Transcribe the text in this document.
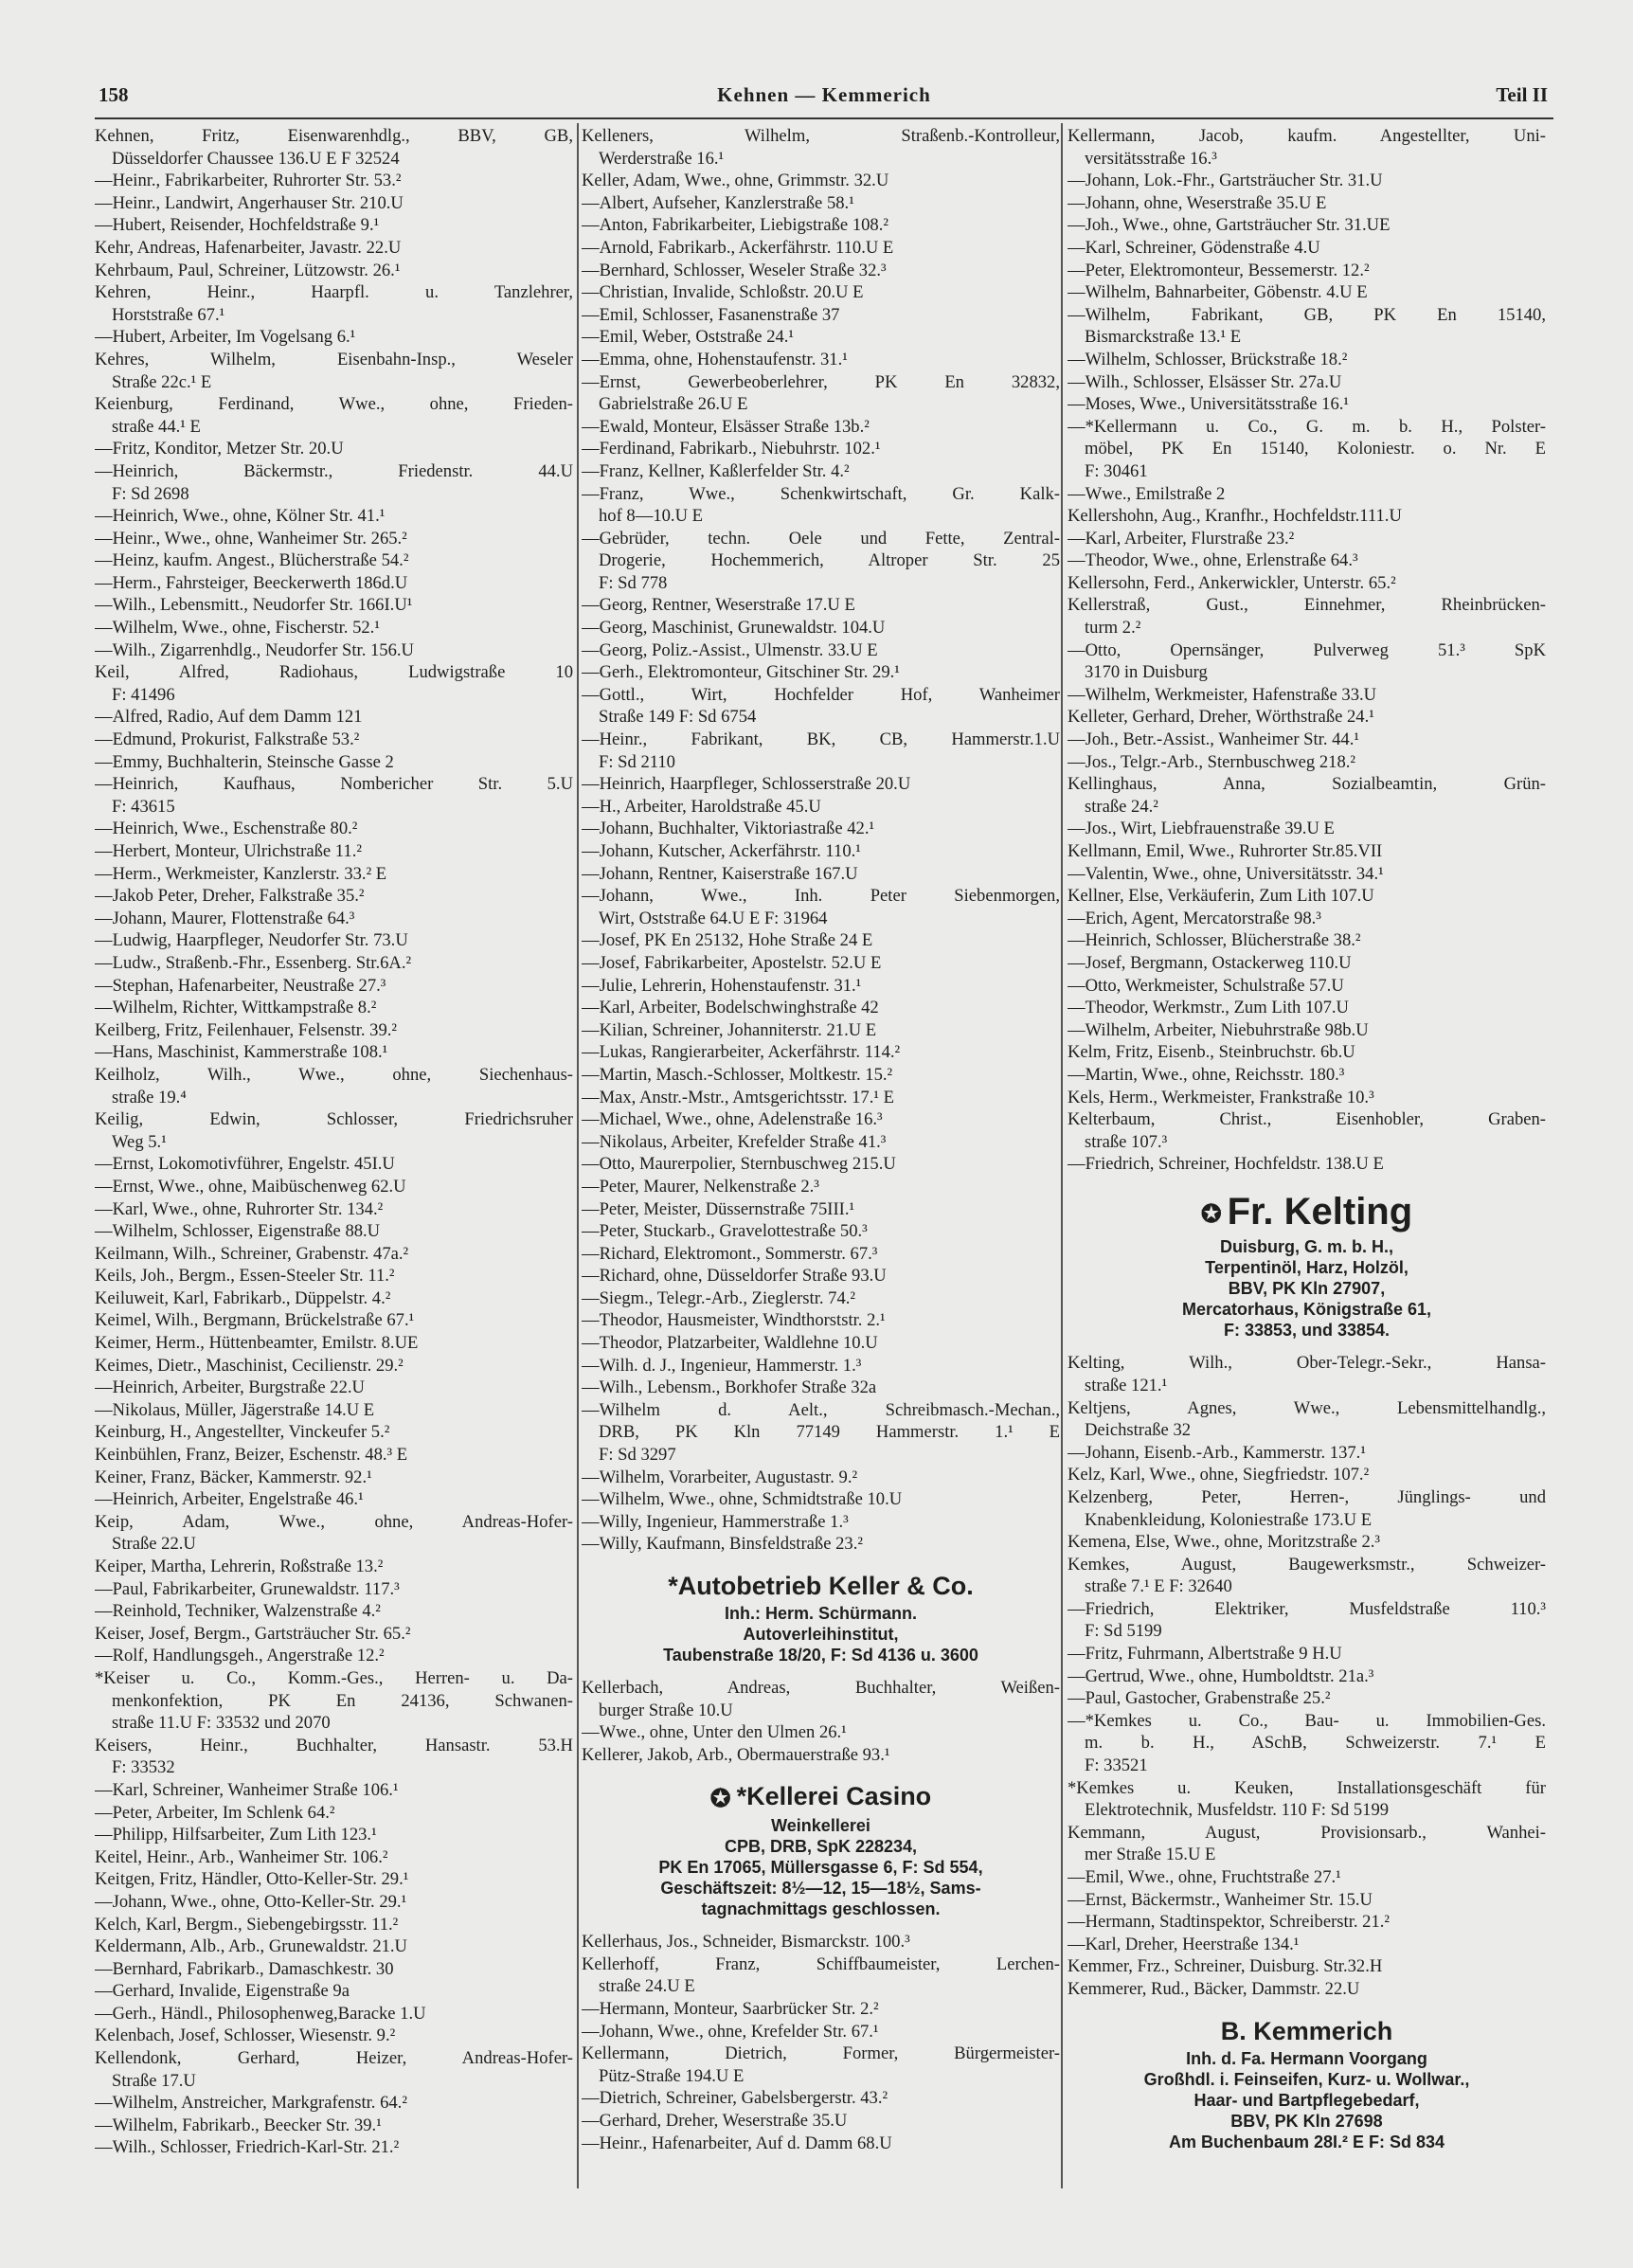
158	Kehnen — Kemmerich	Teil II
Kehnen, Fritz, Eisenwarenhdlg., BBV, GB,
Düsseldorfer Chaussee 136.U E F 32524
—Heinr., Fabrikarbeiter, Ruhrorter Str. 53.²
—Heinr., Landwirt, Angerhauser Str. 210.U
—Hubert, Reisender, Hochfeldstraße 9.¹
Kehr, Andreas, Hafenarbeiter, Javastr. 22.U
Kehrbaum, Paul, Schreiner, Lützowstr. 26.¹
Kehren, Heinr., Haarpfl. u. Tanzlehrer,
Horststraße 67.¹
—Hubert, Arbeiter, Im Vogelsang 6.¹
Kehres, Wilhelm, Eisenbahn-Insp., Weseler
Straße 22c.¹ E
Keienburg, Ferdinand, Wwe., ohne, Frieden-
straße 44.¹ E
—Fritz, Konditor, Metzer Str. 20.U
—Heinrich, Bäckermstr., Friedenstr. 44.U
F: Sd 2698
—Heinrich, Wwe., ohne, Kölner Str. 41.¹
—Heinr., Wwe., ohne, Wanheimer Str. 265.²
—Heinz, kaufm. Angest., Blücherstraße 54.²
—Herm., Fahrsteiger, Beeckerwerth 186d.U
—Wilh., Lebensmitt., Neudorfer Str. 166I.U¹
—Wilhelm, Wwe., ohne, Fischerstr. 52.¹
—Wilh., Zigarrenhdlg., Neudorfer Str. 156.U
Keil, Alfred, Radiohaus, Ludwigstraße 10
F: 41496
—Alfred, Radio, Auf dem Damm 121
—Edmund, Prokurist, Falkstraße 53.²
—Emmy, Buchhalterin, Steinsche Gasse 2
—Heinrich, Kaufhaus, Nombericher Str. 5.U
F: 43615
—Heinrich, Wwe., Eschenstraße 80.²
—Herbert, Monteur, Ulrichstraße 11.²
—Herm., Werkmeister, Kanzlerstr. 33.² E
—Jakob Peter, Dreher, Falkstraße 35.²
—Johann, Maurer, Flottenstraße 64.³
—Ludwig, Haarpfleger, Neudorfer Str. 73.U
—Ludw., Straßenb.-Fhr., Essenberg. Str.6A.²
—Stephan, Hafenarbeiter, Neustraße 27.³
—Wilhelm, Richter, Wittkampstraße 8.²
Keilberg, Fritz, Feilenhauer, Felsenstr. 39.²
—Hans, Maschinist, Kammerstraße 108.¹
Keilholz, Wilh., Wwe., ohne, Siechenhaus-
straße 19.⁴
Keilig, Edwin, Schlosser, Friedrichsruher
Weg 5.¹
—Ernst, Lokomotivführer, Engelstr. 45I.U
—Ernst, Wwe., ohne, Maibüschenweg 62.U
—Karl, Wwe., ohne, Ruhrorter Str. 134.²
—Wilhelm, Schlosser, Eigenstraße 88.U
Keilmann, Wilh., Schreiner, Grabenstr. 47a.²
Keils, Joh., Bergm., Essen-Steeler Str. 11.²
Keiluweit, Karl, Fabrikarb., Düppelstr. 4.²
Keimel, Wilh., Bergmann, Brückelstraße 67.¹
Keimer, Herm., Hüttenbeamter, Emilstr. 8.UE
Keimes, Dietr., Maschinist, Cecilienstr. 29.²
—Heinrich, Arbeiter, Burgstraße 22.U
—Nikolaus, Müller, Jägerstraße 14.U E
Keinburg, H., Angestellter, Vinckeufer 5.²
Keinbühlen, Franz, Beizer, Eschenstr. 48.³ E
Keiner, Franz, Bäcker, Kammerstr. 92.¹
—Heinrich, Arbeiter, Engelstraße 46.¹
Keip, Adam, Wwe., ohne, Andreas-Hofer-
Straße 22.U
Keiper, Martha, Lehrerin, Roßstraße 13.²
—Paul, Fabrikarbeiter, Grunewaldstr. 117.³
—Reinhold, Techniker, Walzenstraße 4.²
Keiser, Josef, Bergm., Gartsträucher Str. 65.²
—Rolf, Handlungsgeh., Angerstraße 12.²
*Keiser u. Co., Komm.-Ges., Herren- u. Da-
menkonfektion, PK En 24136, Schwanen-
straße 11.U F: 33532 und 2070
Keisers, Heinr., Buchhalter, Hansastr. 53.H
F: 33532
—Karl, Schreiner, Wanheimer Straße 106.¹
—Peter, Arbeiter, Im Schlenk 64.²
—Philipp, Hilfsarbeiter, Zum Lith 123.¹
Keitel, Heinr., Arb., Wanheimer Str. 106.²
Keitgen, Fritz, Händler, Otto-Keller-Str. 29.¹
—Johann, Wwe., ohne, Otto-Keller-Str. 29.¹
Kelch, Karl, Bergm., Siebengebirgsstr. 11.²
Keldermann, Alb., Arb., Grunewaldstr. 21.U
—Bernhard, Fabrikarb., Damaschkestr. 30
—Gerhard, Invalide, Eigenstraße 9a
—Gerh., Händl., Philosophenweg,Baracke 1.U
Kelenbach, Josef, Schlosser, Wiesenstr. 9.²
Kellendonk, Gerhard, Heizer, Andreas-Hofer-
Straße 17.U
—Wilhelm, Anstreicher, Markgrafenstr. 64.²
—Wilhelm, Fabrikarb., Beecker Str. 39.¹
—Wilh., Schlosser, Friedrich-Karl-Str. 21.²
Kelleners, Wilhelm, Straßenb.-Kontrolleur,
Werderstraße 16.¹
Keller, Adam, Wwe., ohne, Grimmstr. 32.U
—Albert, Aufseher, Kanzlerstraße 58.¹
—Anton, Fabrikarbeiter, Liebigstraße 108.²
—Arnold, Fabrikarb., Ackerfährstr. 110.U E
—Bernhard, Schlosser, Weseler Straße 32.³
—Christian, Invalide, Schloßstr. 20.U E
—Emil, Schlosser, Fasanenstraße 37
—Emil, Weber, Oststraße 24.¹
—Emma, ohne, Hohenstaufenstr. 31.¹
—Ernst, Gewerbeoberlehrer, PK En 32832,
Gabrielstraße 26.U E
—Ewald, Monteur, Elsässer Straße 13b.²
—Ferdinand, Fabrikarb., Niebuhrstr. 102.¹
—Franz, Kellner, Kaßlerfelder Str. 4.²
—Franz, Wwe., Schenkwirtschaft, Gr. Kalk-
hof 8—10.U E
—Gebrüder, techn. Oele und Fette, Zentral-
Drogerie, Hochemmerich, Altroper Str. 25
F: Sd 778
—Georg, Rentner, Weserstraße 17.U E
—Georg, Maschinist, Grunewaldstr. 104.U
—Georg, Poliz.-Assist., Ulmenstr. 33.U E
—Gerh., Elektromonteur, Gitschiner Str. 29.¹
—Gottl., Wirt, Hochfelder Hof, Wanheimer
Straße 149 F: Sd 6754
—Heinr., Fabrikant, BK, CB, Hammerstr.1.U
F: Sd 2110
—Heinrich, Haarpfleger, Schlosserstraße 20.U
—H., Arbeiter, Haroldstraße 45.U
—Johann, Buchhalter, Viktoriastraße 42.¹
—Johann, Kutscher, Ackerfährstr. 110.¹
—Johann, Rentner, Kaiserstraße 167.U
—Johann, Wwe., Inh. Peter Siebenmorgen,
Wirt, Oststraße 64.U E F: 31964
—Josef, PK En 25132, Hohe Straße 24 E
—Josef, Fabrikarbeiter, Apostelstr. 52.U E
—Julie, Lehrerin, Hohenstaufenstr. 31.¹
—Karl, Arbeiter, Bodelschwinghstraße 42
—Kilian, Schreiner, Johanniterstr. 21.U E
—Lukas, Rangierarbeiter, Ackerfährstr. 114.²
—Martin, Masch.-Schlosser, Moltkestr. 15.²
—Max, Anstr.-Mstr., Amtsgerichtsstr. 17.¹ E
—Michael, Wwe., ohne, Adelenstraße 16.³
—Nikolaus, Arbeiter, Krefelder Straße 41.³
—Otto, Maurerpolier, Sternbuschweg 215.U
—Peter, Maurer, Nelkenstraße 2.³
—Peter, Meister, Düssernstraße 75III.¹
—Peter, Stuckarb., Gravelottestraße 50.³
—Richard, Elektromont., Sommerstr. 67.³
—Richard, ohne, Düsseldorfer Straße 93.U
—Siegm., Telegr.-Arb., Zieglerstr. 74.²
—Theodor, Hausmeister, Windthorststr. 2.¹
—Theodor, Platzarbeiter, Waldlehne 10.U
—Wilh. d. J., Ingenieur, Hammerstr. 1.³
—Wilh., Lebensm., Borkhofer Straße 32a
—Wilhelm d. Aelt., Schreibmasch.-Mechan.,
DRB, PK Kln 77149 Hammerstr. 1.¹ E
F: Sd 3297
—Wilhelm, Vorarbeiter, Augustastr. 9.²
—Wilhelm, Wwe., ohne, Schmidtstraße 10.U
—Willy, Ingenieur, Hammerstraße 1.³
—Willy, Kaufmann, Binsfeldstraße 23.²
*Autobetrieb Keller & Co.
Inh.: Herm. Schürmann.
Autoverleihinstitut,
Taubenstraße 18/20, F: Sd 4136 u. 3600
Kellerbach, Andreas, Buchhalter, Weißen-
burger Straße 10.U
—Wwe., ohne, Unter den Ulmen 26.¹
Kellerer, Jakob, Arb., Obermauerstraße 93.¹
✪ *Kellerei Casino
Weinkellerei
CPB, DRB, SpK 228234,
PK En 17065, Müllersgasse 6, F: Sd 554,
Geschäftszeit: 8½—12, 15—18½, Sams-
tagnachmittags geschlossen.
Kellerhaus, Jos., Schneider, Bismarckstr. 100.³
Kellerhoff, Franz, Schiffbaumeister, Lerchen-
straße 24.U E
—Hermann, Monteur, Saarbrücker Str. 2.²
—Johann, Wwe., ohne, Krefelder Str. 67.¹
Kellermann, Dietrich, Former, Bürgermeister-
Pütz-Straße 194.U E
—Dietrich, Schreiner, Gabelsbergerstr. 43.²
—Gerhard, Dreher, Weserstraße 35.U
—Heinr., Hafenarbeiter, Auf d. Damm 68.U
Kellermann, Jacob, kaufm. Angestellter, Uni-
versitätsstraße 16.³
—Johann, Lok.-Fhr., Gartsträucher Str. 31.U
—Johann, ohne, Weserstraße 35.U E
—Joh., Wwe., ohne, Gartsträucher Str. 31.UE
—Karl, Schreiner, Gödenstraße 4.U
—Peter, Elektromonteur, Bessemerstr. 12.²
—Wilhelm, Bahnarbeiter, Göbenstr. 4.U E
—Wilhelm, Fabrikant, GB, PK En 15140,
Bismarckstraße 13.¹ E
—Wilhelm, Schlosser, Brückstraße 18.²
—Wilh., Schlosser, Elsässer Str. 27a.U
—Moses, Wwe., Universitätsstraße 16.¹
—*Kellermann u. Co., G. m. b. H., Polster-
möbel, PK En 15140, Koloniestr. o. Nr. E
F: 30461
—Wwe., Emilstraße 2
Kellershohn, Aug., Kranfhr., Hochfeldstr.111.U
—Karl, Arbeiter, Flurstraße 23.²
—Theodor, Wwe., ohne, Erlenstraße 64.³
Kellersohn, Ferd., Ankerwickler, Unterstr. 65.²
Kellerstraß, Gust., Einnehmer, Rheinbrücken-
turm 2.²
—Otto, Opernsänger, Pulverweg 51.³ SpK
3170 in Duisburg
—Wilhelm, Werkmeister, Hafenstraße 33.U
Kelleter, Gerhard, Dreher, Wörthstraße 24.¹
—Joh., Betr.-Assist., Wanheimer Str. 44.¹
—Jos., Telgr.-Arb., Sternbuschweg 218.²
Kellinghaus, Anna, Sozialbeamtin, Grün-
straße 24.²
—Jos., Wirt, Liebfrauenstraße 39.U E
Kellmann, Emil, Wwe., Ruhrorter Str.85.VII
—Valentin, Wwe., ohne, Universitätsstr. 34.¹
Kellner, Else, Verkäuferin, Zum Lith 107.U
—Erich, Agent, Mercatorstraße 98.³
—Heinrich, Schlosser, Blücherstraße 38.²
—Josef, Bergmann, Ostackerweg 110.U
—Otto, Werkmeister, Schulstraße 57.U
—Theodor, Werkmstr., Zum Lith 107.U
—Wilhelm, Arbeiter, Niebuhrstraße 98b.U
Kelm, Fritz, Eisenb., Steinbruchstr. 6b.U
—Martin, Wwe., ohne, Reichsstr. 180.³
Kels, Herm., Werkmeister, Frankstraße 10.³
Kelterbaum, Christ., Eisenhobler, Graben-
straße 107.³
—Friedrich, Schreiner, Hochfeldstr. 138.U E
✪ Fr. Kelting
Duisburg, G. m. b. H.,
Terpentinöl, Harz, Holzöl,
BBV, PK Kln 27907,
Mercatorhaus, Königstraße 61,
F: 33853, und 33854.
Kelting, Wilh., Ober-Telegr.-Sekr., Hansa-
straße 121.¹
Keltjens, Agnes, Wwe., Lebensmittelhandlg.,
Deichstraße 32
—Johann, Eisenb.-Arb., Kammerstr. 137.¹
Kelz, Karl, Wwe., ohne, Siegfriedstr. 107.²
Kelzenberg, Peter, Herren-, Jünglings- und
Knabenkleidung, Koloniestraße 173.U E
Kemena, Else, Wwe., ohne, Moritzstraße 2.³
Kemkes, August, Baugewerksmstr., Schweizer-
straße 7.¹ E F: 32640
—Friedrich, Elektriker, Musfeldstraße 110.³
F: Sd 5199
—Fritz, Fuhrmann, Albertstraße 9 H.U
—Gertrud, Wwe., ohne, Humboldtstr. 21a.³
—Paul, Gastocher, Grabenstraße 25.²
—*Kemkes u. Co., Bau- u. Immobilien-Ges.
m. b. H., ASchB, Schweizerstr. 7.¹ E
F: 33521
*Kemkes u. Keuken, Installationsgeschäft für
Elektrotechnik, Musfeldstr. 110 F: Sd 5199
Kemmann, August, Provisionsarb., Wanhei-
mer Straße 15.U E
—Emil, Wwe., ohne, Fruchtstraße 27.¹
—Ernst, Bäckermstr., Wanheimer Str. 15.U
—Hermann, Stadtinspektor, Schreiberstr. 21.²
—Karl, Dreher, Heerstraße 134.¹
Kemmer, Frz., Schreiner, Duisburg. Str.32.H
Kemmerer, Rud., Bäcker, Dammstr. 22.U
B. Kemmerich
Inh. d. Fa. Hermann Voorgang
Großhdl. i. Feinseifen, Kurz- u. Wollwar.,
Haar- und Bartpflegebedarf,
BBV, PK Kln 27698
Am Buchenbaum 28I.² E F: Sd 834
